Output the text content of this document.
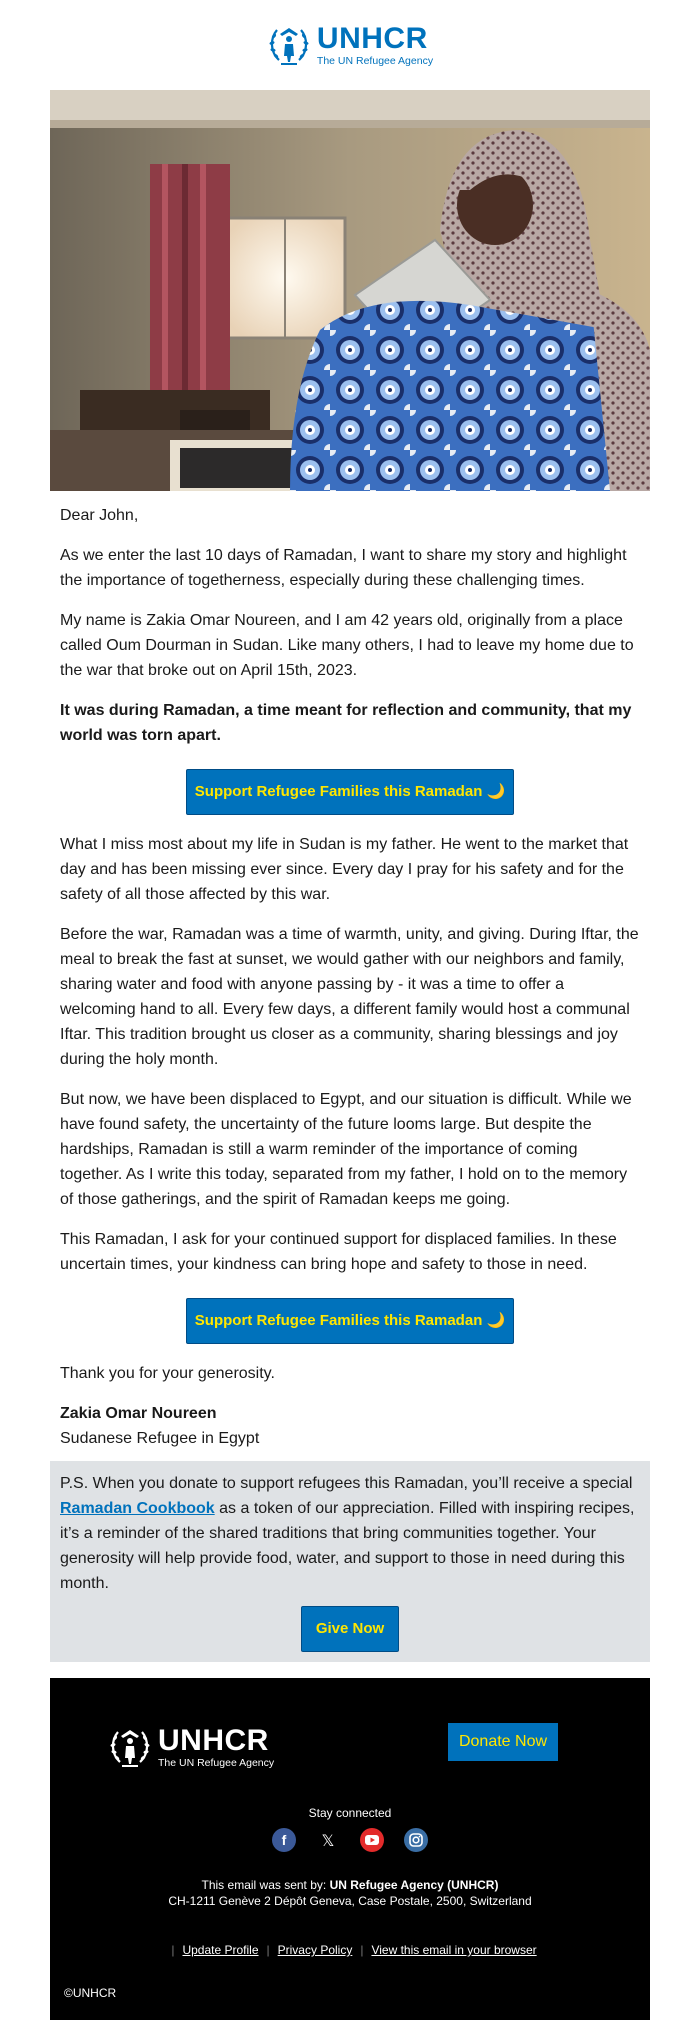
UNHCR
The UN Refugee Agency

Dear John,

As we enter the last 10 days of Ramadan, I want to share my story and highlight the importance of togetherness, especially during these challenging times.

My name is Zakia Omar Noureen, and I am 42 years old, originally from a place called Oum Dourman in Sudan. Like many others, I had to leave my home due to the war that broke out on April 15th, 2023.

It was during Ramadan, a time meant for reflection and community, that my world was torn apart.

Support Refugee Families this Ramadan 🌙

What I miss most about my life in Sudan is my father. He went to the market that day and has been missing ever since. Every day I pray for his safety and for the safety of all those affected by this war.

Before the war, Ramadan was a time of warmth, unity, and giving. During Iftar, the meal to break the fast at sunset, we would gather with our neighbors and family, sharing water and food with anyone passing by - it was a time to offer a welcoming hand to all. Every few days, a different family would host a communal Iftar. This tradition brought us closer as a community, sharing blessings and joy during the holy month.

But now, we have been displaced to Egypt, and our situation is difficult. While we have found safety, the uncertainty of the future looms large. But despite the hardships, Ramadan is still a warm reminder of the importance of coming together. As I write this today, separated from my father, I hold on to the memory of those gatherings, and the spirit of Ramadan keeps me going.

This Ramadan, I ask for your continued support for displaced families. In these uncertain times, your kindness can bring hope and safety to those in need.

Support Refugee Families this Ramadan 🌙

Thank you for your generosity.

Zakia Omar Noureen

Sudanese Refugee in Egypt

P.S. When you donate to support refugees this Ramadan, you’ll receive a special Ramadan Cookbook as a token of our appreciation. Filled with inspiring recipes, it’s a reminder of the shared traditions that bring communities together. Your generosity will help provide food, water, and support to those in need during this month.

Give Now
UNHCR
The UN Refugee Agency
Donate Now
Stay connected
f 𝕏
This email was sent by: UN Refugee Agency (UNHCR)
CH-1211 Genève 2 Dépôt Geneva, Case Postale, 2500, Switzerland
| Update Profile | Privacy Policy | View this email in your browser
©UNHCR
